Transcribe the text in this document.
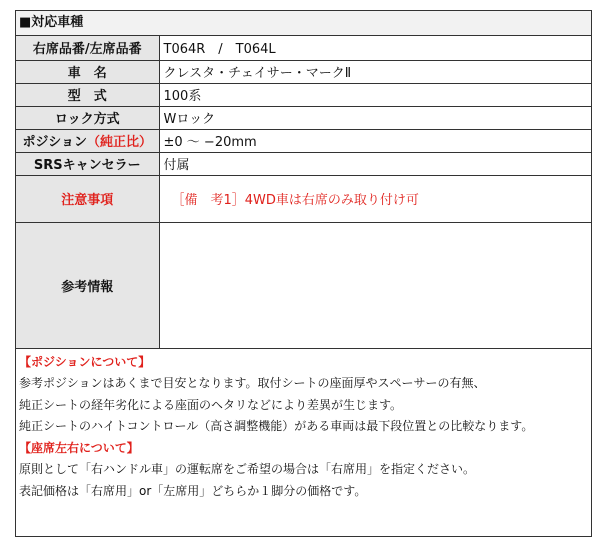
■対応車種
右席品番/左席品番	T064R　/　T064L
車　名	クレスタ・チェイサー・マークⅡ
型　式	100系
ロック方式	Wロック
ポジション（純正比）	±0 〜 −20mm
SRSキャンセラー	付属
注意事項	［備　考1］4WD車は右席のみ取り付け可
参考情報	
【ポジションについて】
参考ポジションはあくまで目安となります。取付シートの座面厚やスペーサーの有無、
純正シートの経年劣化による座面のヘタリなどにより差異が生じます。
純正シートのハイトコントロール（高さ調整機能）がある車両は最下段位置との比較なります。
【座席左右について】
原則として「右ハンドル車」の運転席をご希望の場合は「右席用」を指定ください。
表記価格は「右席用」or「左席用」どちらか１脚分の価格です。
